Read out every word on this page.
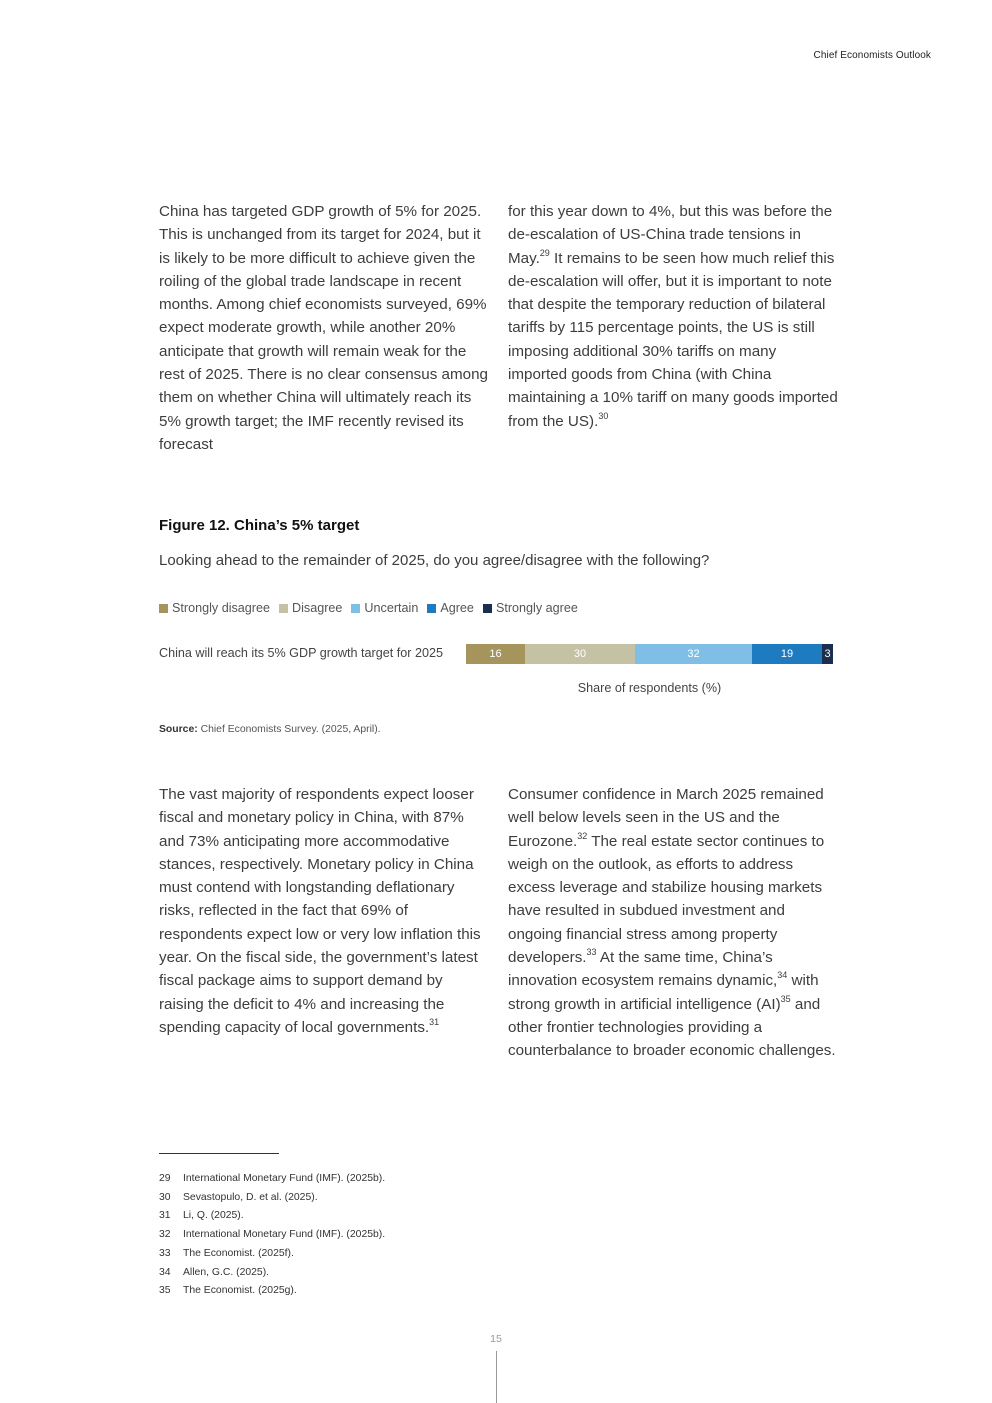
Chief Economists Outlook

China has targeted GDP growth of 5% for 2025. This is unchanged from its target for 2024, but it is likely to be more difficult to achieve given the roiling of the global trade landscape in recent months. Among chief economists surveyed, 69% expect moderate growth, while another 20% anticipate that growth will remain weak for the rest of 2025. There is no clear consensus among them on whether China will ultimately reach its 5% growth target; the IMF recently revised its forecast

for this year down to 4%, but this was before the de-escalation of US-China trade tensions in May.$^{29}$ It remains to be seen how much relief this de-escalation will offer, but it is important to note that despite the temporary reduction of bilateral tariffs by 115 percentage points, the US is still imposing additional 30% tariffs on many imported goods from China (with China maintaining a 10% tariff on many goods imported from the US).$^{30}$

Figure 12. China’s 5% target
Looking ahead to the remainder of 2025, do you agree/disagree with the following?
Strongly disagree Disagree Uncertain Agree Strongly agree
China will reach its 5% GDP growth target for 2025	16	30	32	19	3
Share of respondents (%)
Source: Chief Economists Survey. (2025, April).

The vast majority of respondents expect looser fiscal and monetary policy in China, with 87% and 73% anticipating more accommodative stances, respectively. Monetary policy in China must contend with longstanding deflationary risks, reflected in the fact that 69% of respondents expect low or very low inflation this year. On the fiscal side, the government’s latest fiscal package aims to support demand by raising the deficit to 4% and increasing the spending capacity of local governments.$^{31}$

Consumer confidence in March 2025 remained well below levels seen in the US and the Eurozone.$^{32}$ The real estate sector continues to weigh on the outlook, as efforts to address excess leverage and stabilize housing markets have resulted in subdued investment and ongoing financial stress among property developers.$^{33}$ At the same time, China’s innovation ecosystem remains dynamic,$^{34}$ with strong growth in artificial intelligence (AI)$^{35}$ and other frontier technologies providing a counterbalance to broader economic challenges.

29	International Monetary Fund (IMF). (2025b).
30	Sevastopulo, D. et al. (2025).
31	Li, Q. (2025).
32	International Monetary Fund (IMF). (2025b).
33	The Economist. (2025f).
34	Allen, G.C. (2025).
35	The Economist. (2025g).
15
